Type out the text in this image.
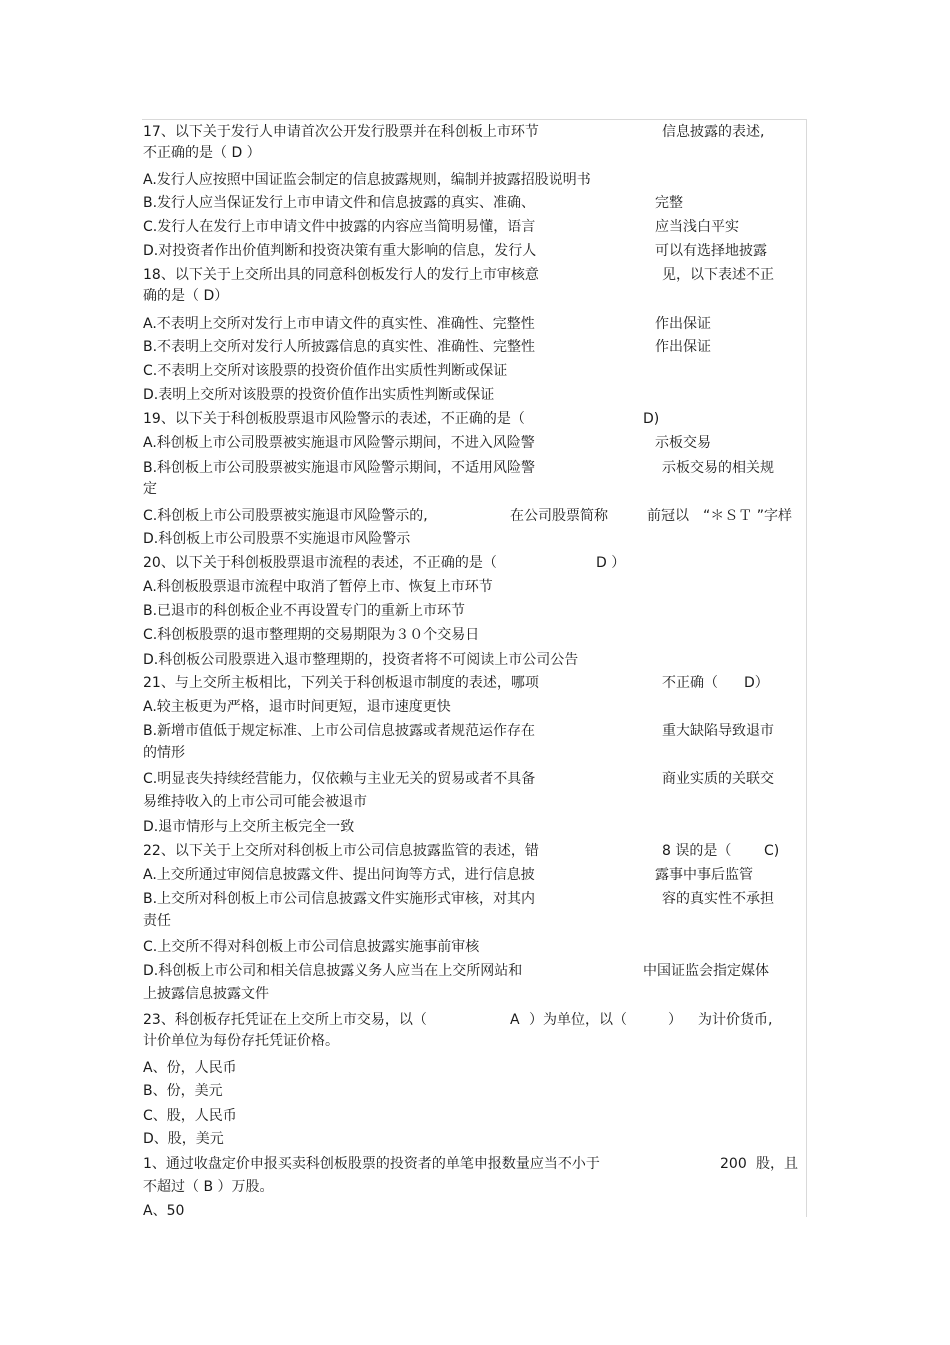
17、以下关于发行人申请首次公开发行股票并在科创板上市环节	信息披露的表述,
不正确的是（ D ）
A.发行人应按照中国证监会制定的信息披露规则，编制并披露招股说明书
B.发行人应当保证发行上市申请文件和信息披露的真实、准确、	完整
C.发行人在发行上市申请文件中披露的内容应当简明易懂，语言	应当浅白平实
D.对投资者作出价值判断和投资决策有重大影响的信息，发行人	可以有选择地披露
18、以下关于上交所出具的同意科创板发行人的发行上市审核意	见，以下表述不正
确的是（ D）
A.不表明上交所对发行上市申请文件的真实性、准确性、完整性	作出保证
B.不表明上交所对发行人所披露信息的真实性、准确性、完整性	作出保证
C.不表明上交所对该股票的投资价值作出实质性判断或保证
D.表明上交所对该股票的投资价值作出实质性判断或保证
19、以下关于科创板股票退市风险警示的表述，不正确的是（	D)
A.科创板上市公司股票被实施退市风险警示期间，不进入风险警	示板交易
B.科创板上市公司股票被实施退市风险警示期间，不适用风险警	示板交易的相关规
定
C.科创板上市公司股票被实施退市风险警示的,	在公司股票简称	前冠以 “＊ＳＴ ”字样
D.科创板上市公司股票不实施退市风险警示
20、以下关于科创板股票退市流程的表述，不正确的是（	D ）
A.科创板股票退市流程中取消了暂停上市、恢复上市环节
B.已退市的科创板企业不再设置专门的重新上市环节
C.科创板股票的退市整理期的交易期限为３０个交易日
D.科创板公司股票进入退市整理期的，投资者将不可阅读上市公司公告
21、与上交所主板相比，下列关于科创板退市制度的表述，哪项	不正确（ D）
A.较主板更为严格，退市时间更短，退市速度更快
B.新增市值低于规定标准、上市公司信息披露或者规范运作存在	重大缺陷导致退市
的情形
C.明显丧失持续经营能力，仅依赖与主业无关的贸易或者不具备	商业实质的关联交
易维持收入的上市公司可能会被退市
D.退市情形与上交所主板完全一致
22、以下关于上交所对科创板上市公司信息披露监管的表述，错	8 误的是（ C)
A.上交所通过审阅信息披露文件、提出问询等方式，进行信息披	露事中事后监管
B.上交所对科创板上市公司信息披露文件实施形式审核，对其内	容的真实性不承担
责任
C.上交所不得对科创板上市公司信息披露实施事前审核
D.科创板上市公司和相关信息披露义务人应当在上交所网站和	中国证监会指定媒体
上披露信息披露文件
23、科创板存托凭证在上交所上市交易，以（	A ）为单位，以（	） 为计价货币,
计价单位为每份存托凭证价格。
A、份，人民币
B、份，美元
C、股，人民币
D、股，美元
1、通过收盘定价申报买卖科创板股票的投资者的单笔申报数量应当不小于	200 股，且
不超过（ B ）万股。
A、50
